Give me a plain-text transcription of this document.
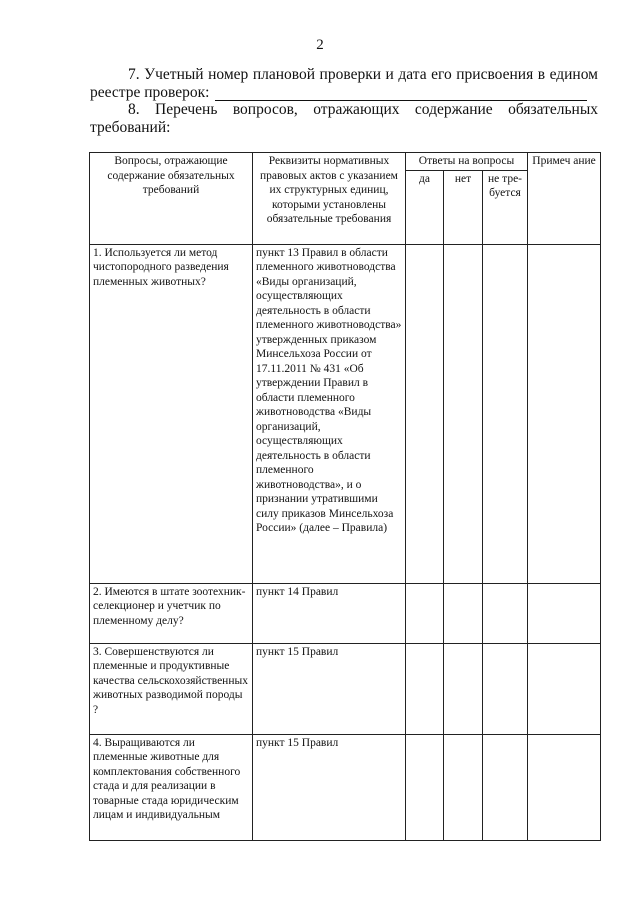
2
7. Учетный номер плановой проверки и дата его присвоения в едином
реестре проверок:
8. Перечень вопросов, отражающих содержание обязательных
требований:
Вопросы, отражающие содержание обязательных требований	Реквизиты нормативных правовых актов с указанием их структурных единиц, которыми установлены обязательные требования	Ответы на вопросы			Примеч ание
		да	нет	не тре-буется	
1. Используется ли метод чистопородного разведения племенных животных?	пункт 13 Правил в области племенного животноводства «Виды организаций, осуществляющих деятельность в области племенного животноводства» утвержденных приказом Минсельхоза России от 17.11.2011 № 431 «Об утверждении Правил в области племенного животноводства «Виды организаций, осуществляющих деятельность в области племенного животноводства», и о признании утратившими силу приказов Минсельхоза России» (далее – Правила)				
2. Имеются в штате зоотехник-селекционер и учетчик по племенному делу?	пункт 14 Правил				
3. Совершенствуются ли племенные и продуктивные качества сельскохозяйственных животных разводимой породы ?	пункт 15 Правил				
4. Выращиваются ли племенные животные для комплектования собственного стада и для реализации в товарные стада юридическим лицам и индивидуальным	пункт 15 Правил				
